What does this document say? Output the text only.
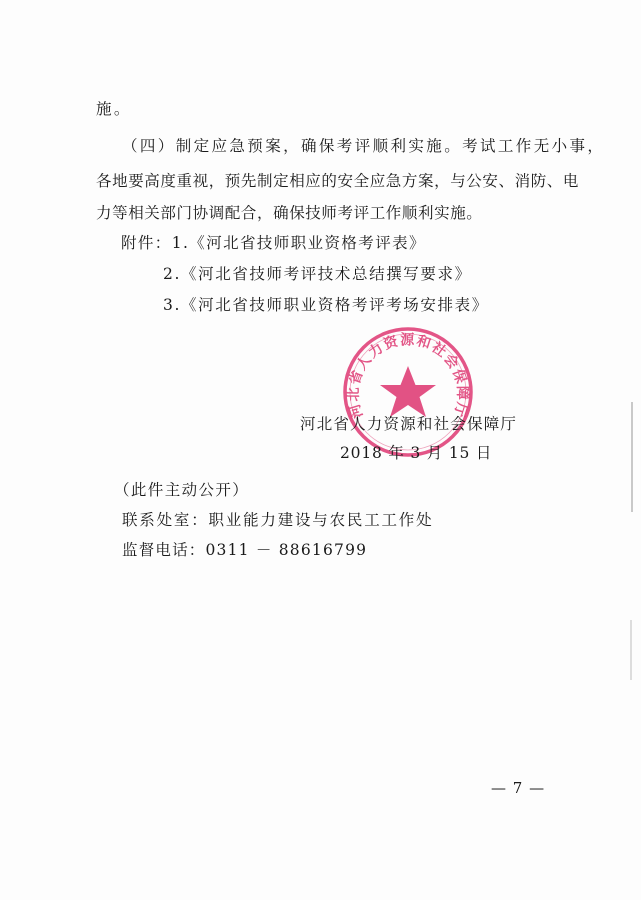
施。
（四）制定应急预案，确保考评顺利实施。考试工作无小事，
各地要高度重视，预先制定相应的安全应急方案，与公安、消防、电
力等相关部门协调配合，确保技师考评工作顺利实施。
附件：1.《河北省技师职业资格考评表》
2.《河北省技师考评技术总结撰写要求》
3.《河北省技师职业资格考评考场安排表》
河北省人力资源和社会保障厅
河北省人力资源和社会保障厅
2018 年 3 月 15 日
（此件主动公开）
联系处室：职业能力建设与农民工工作处
监督电话：0311 － 88616799
— 7 —
